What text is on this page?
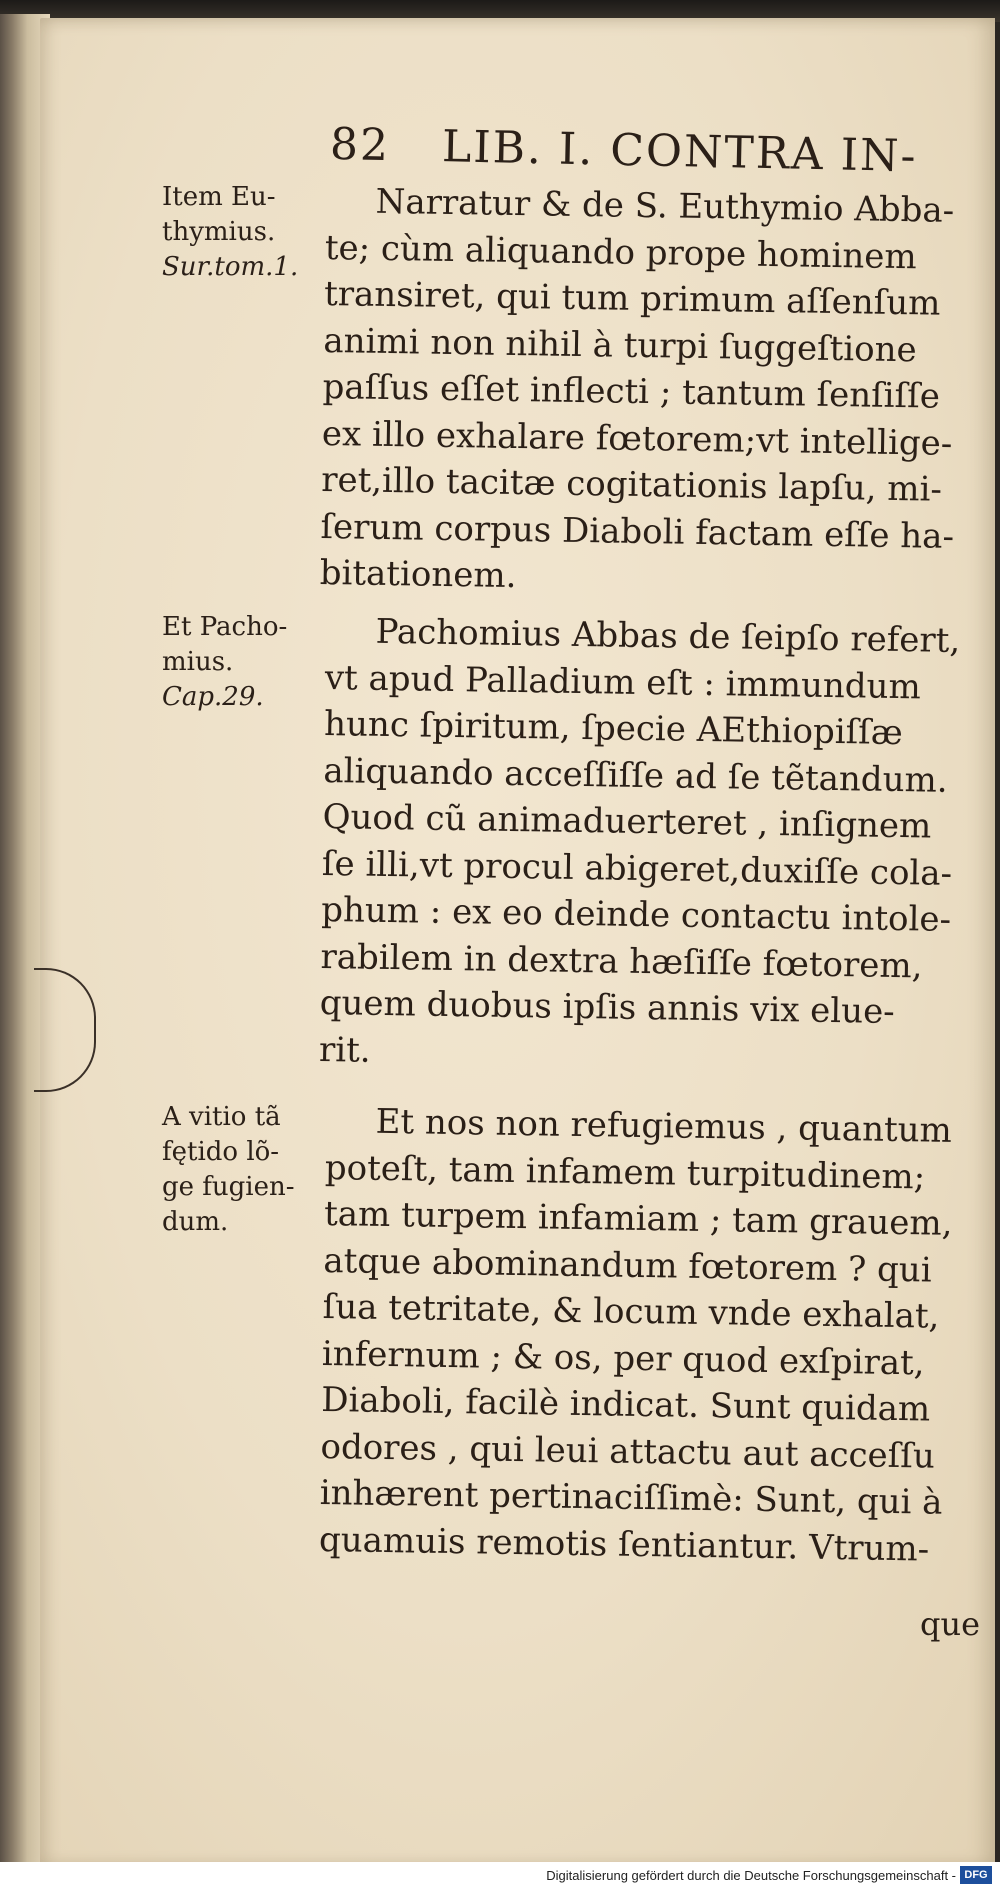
82 LIB. I. CONTRA IN-
Item Eu-
thymius.
Sur.tom.1.
Et Pacho-
mius.
Cap.29.
A vitio tã
fętido lõ-
ge fugien-
dum.
Narratur & de S. Euthymio Abba-
te; cùm aliquando prope hominem
transiret, qui tum primum aſſenſum
animi non nihil à turpi ſuggeſtione
paſſus eſſet inflecti ; tantum ſenſiſſe
ex illo exhalare fœtorem;vt intellige-
ret,illo tacitæ cogitationis lapſu, mi-
ſerum corpus Diaboli factam eſſe ha-
bitationem.
Pachomius Abbas de ſeipſo refert,
vt apud Palladium eſt : immundum
hunc ſpiritum, ſpecie AEthiopiſſæ
aliquando acceſſiſſe ad ſe tẽtandum.
Quod cũ animaduerteret , inſignem
ſe illi,vt procul abigeret,duxiſſe cola-
phum : ex eo deinde contactu intole-
rabilem in dextra hæſiſſe fœtorem,
quem duobus ipſis annis vix elue-
rit.
Et nos non refugiemus , quantum
poteſt, tam infamem turpitudinem;
tam turpem infamiam ; tam grauem,
atque abominandum fœtorem ? qui
ſua tetritate, & locum vnde exhalat,
infernum ; & os, per quod exſpirat,
Diaboli, facilè indicat. Sunt quidam
odores , qui leui attactu aut acceſſu
inhærent pertinaciſſimè: Sunt, qui à
quamuis remotis ſentiantur. Vtrum-
que
Digitalisierung gefördert durch die Deutsche Forschungsgemeinschaft - DFG
